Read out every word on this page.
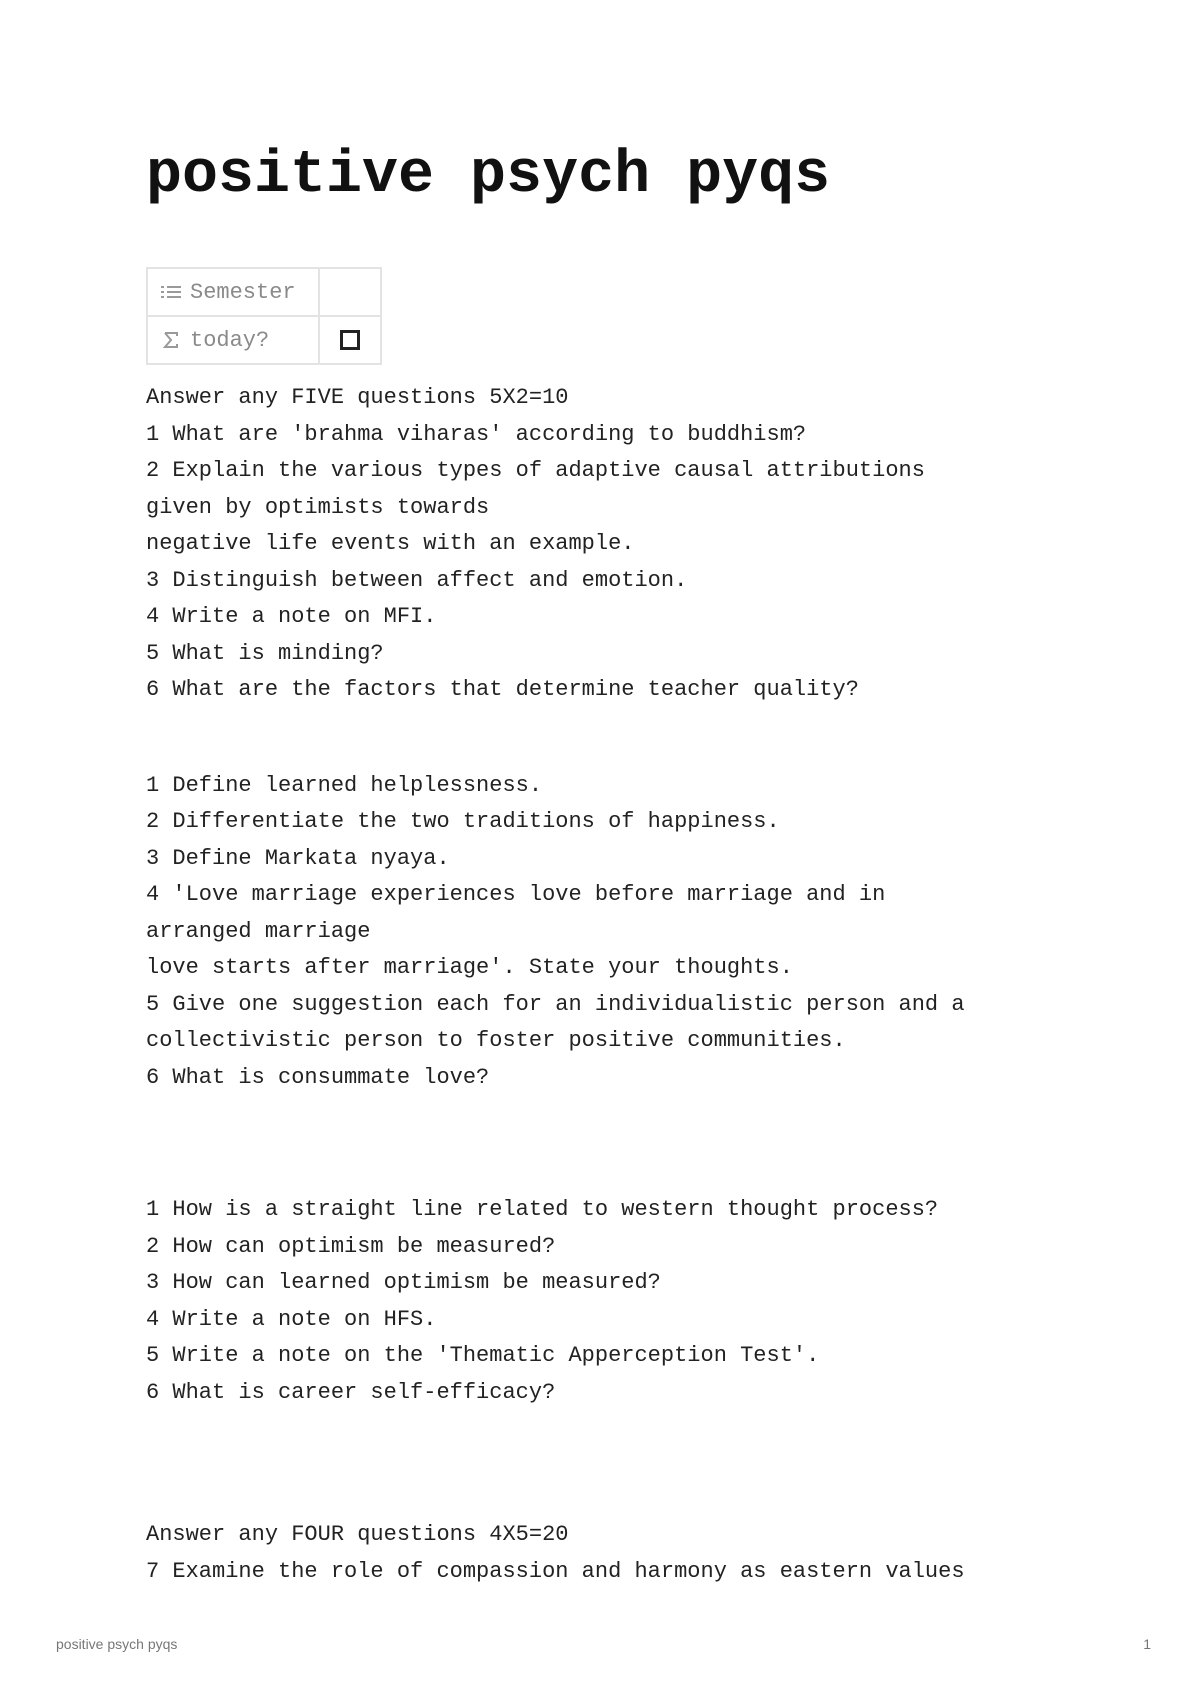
positive psych pyqs
Semester	

today?	
Answer any FIVE questions 5X2=10
1 What are 'brahma viharas' according to buddhism?
2 Explain the various types of adaptive causal attributions
given by optimists towards
negative life events with an example.
3 Distinguish between affect and emotion.
4 Write a note on MFI.
5 What is minding?
6 What are the factors that determine teacher quality?
1 Define learned helplessness.
2 Differentiate the two traditions of happiness.
3 Define Markata nyaya.
4 'Love marriage experiences love before marriage and in
arranged marriage
love starts after marriage'. State your thoughts.
5 Give one suggestion each for an individualistic person and a
collectivistic person to foster positive communities.
6 What is consummate love?
1 How is a straight line related to western thought process?
2 How can optimism be measured?
3 How can learned optimism be measured?
4 Write a note on HFS.
5 Write a note on the 'Thematic Apperception Test'.
6 What is career self-efficacy?
Answer any FOUR questions 4X5=20
7 Examine the role of compassion and harmony as eastern values
positive psych pyqs	1
